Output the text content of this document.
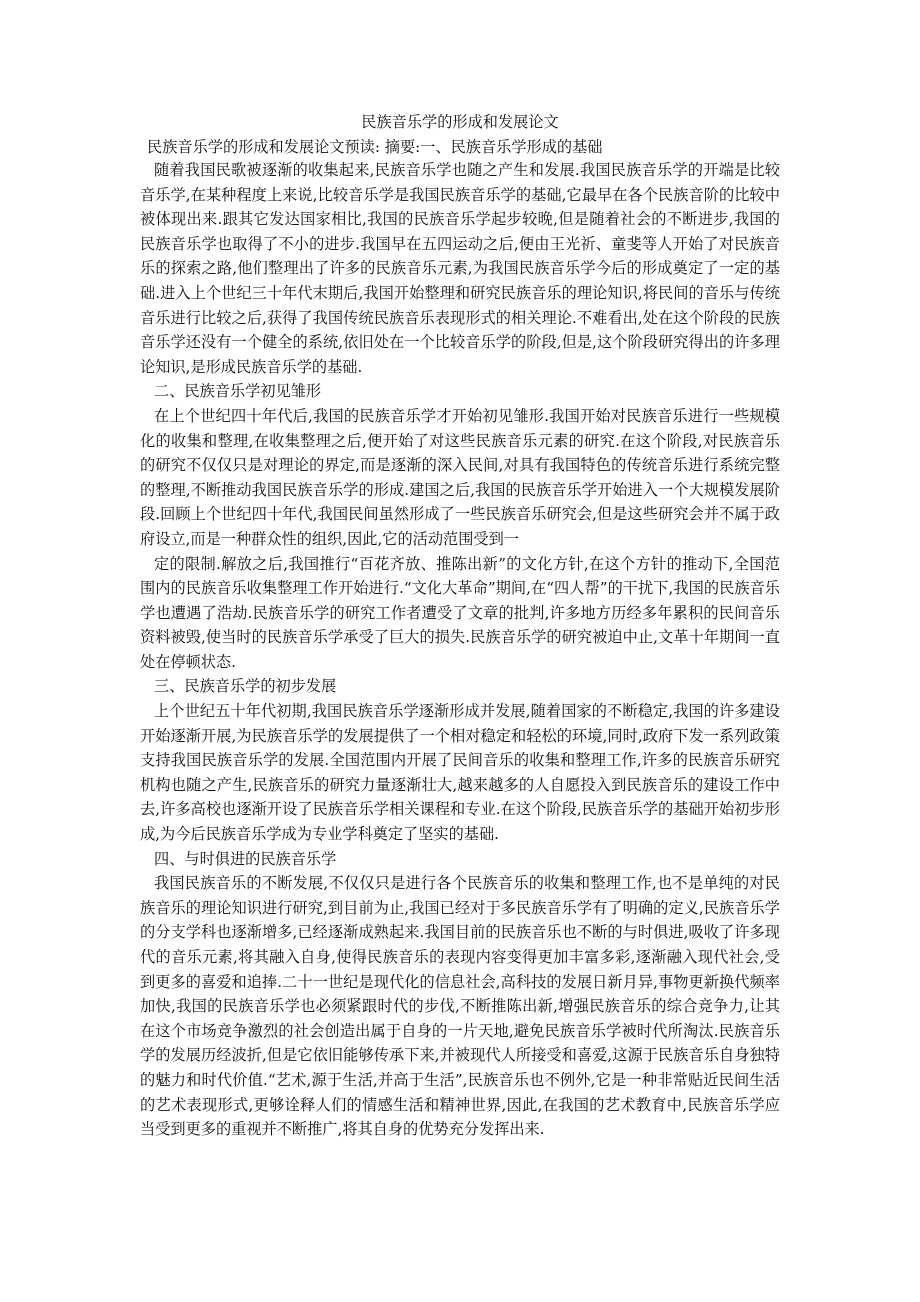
民族音乐学的形成和发展论文

民族音乐学的形成和发展论文预读: 摘要:一、民族音乐学形成的基础

随着我国民歌被逐渐的收集起来,民族音乐学也随之产生和发展.我国民族音乐学的开端是比较音乐学,在某种程度上来说,比较音乐学是我国民族音乐学的基础,它最早在各个民族音阶的比较中被体现出来.跟其它发达国家相比,我国的民族音乐学起步较晚,但是随着社会的不断进步,我国的民族音乐学也取得了不小的进步.我国早在五四运动之后,便由王光祈、童斐等人开始了对民族音乐的探索之路,他们整理出了许多的民族音乐元素,为我国民族音乐学今后的形成奠定了一定的基础.进入上个世纪三十年代末期后,我国开始整理和研究民族音乐的理论知识,将民间的音乐与传统音乐进行比较之后,获得了我国传统民族音乐表现形式的相关理论.不难看出,处在这个阶段的民族音乐学还没有一个健全的系统,依旧处在一个比较音乐学的阶段,但是,这个阶段研究得出的许多理论知识,是形成民族音乐学的基础.

二、民族音乐学初见雏形

在上个世纪四十年代后,我国的民族音乐学才开始初见雏形.我国开始对民族音乐进行一些规模化的收集和整理,在收集整理之后,便开始了对这些民族音乐元素的研究.在这个阶段,对民族音乐的研究不仅仅只是对理论的界定,而是逐渐的深入民间,对具有我国特色的传统音乐进行系统完整的整理,不断推动我国民族音乐学的形成.建国之后,我国的民族音乐学开始进入一个大规模发展阶段.回顾上个世纪四十年代,我国民间虽然形成了一些民族音乐研究会,但是这些研究会并不属于政府设立,而是一种群众性的组织,因此,它的活动范围受到一

定的限制.解放之后,我国推行“百花齐放、推陈出新”的文化方针,在这个方针的推动下,全国范围内的民族音乐收集整理工作开始进行.“文化大革命”期间,在“四人帮”的干扰下,我国的民族音乐学也遭遇了浩劫.民族音乐学的研究工作者遭受了文章的批判,许多地方历经多年累积的民间音乐资料被毁,使当时的民族音乐学承受了巨大的损失.民族音乐学的研究被迫中止,文革十年期间一直处在停顿状态.

三、民族音乐学的初步发展

上个世纪五十年代初期,我国民族音乐学逐渐形成并发展,随着国家的不断稳定,我国的许多建设开始逐渐开展,为民族音乐学的发展提供了一个相对稳定和轻松的环境,同时,政府下发一系列政策支持我国民族音乐学的发展.全国范围内开展了民间音乐的收集和整理工作,许多的民族音乐研究机构也随之产生,民族音乐的研究力量逐渐壮大,越来越多的人自愿投入到民族音乐的建设工作中去,许多高校也逐渐开设了民族音乐学相关课程和专业.在这个阶段,民族音乐学的基础开始初步形成,为今后民族音乐学成为专业学科奠定了坚实的基础.

四、与时俱进的民族音乐学

我国民族音乐的不断发展,不仅仅只是进行各个民族音乐的收集和整理工作,也不是单纯的对民族音乐的理论知识进行研究,到目前为止,我国已经对于多民族音乐学有了明确的定义,民族音乐学的分支学科也逐渐增多,已经逐渐成熟起来.我国目前的民族音乐也不断的与时俱进,吸收了许多现代的音乐元素,将其融入自身,使得民族音乐的表现内容变得更加丰富多彩,逐渐融入现代社会,受到更多的喜爱和追捧.二十一世纪是现代化的信息社会,高科技的发展日新月异,事物更新换代频率加快,我国的民族音乐学也必须紧跟时代的步伐,不断推陈出新,增强民族音乐的综合竞争力,让其在这个市场竞争激烈的社会创造出属于自身的一片天地,避免民族音乐学被时代所淘汰.民族音乐学的发展历经波折,但是它依旧能够传承下来,并被现代人所接受和喜爱,这源于民族音乐自身独特的魅力和时代价值.“艺术,源于生活,并高于生活”,民族音乐也不例外,它是一种非常贴近民间生活的艺术表现形式,更够诠释人们的情感生活和精神世界,因此,在我国的艺术教育中,民族音乐学应当受到更多的重视并不断推广,将其自身的优势充分发挥出来.
